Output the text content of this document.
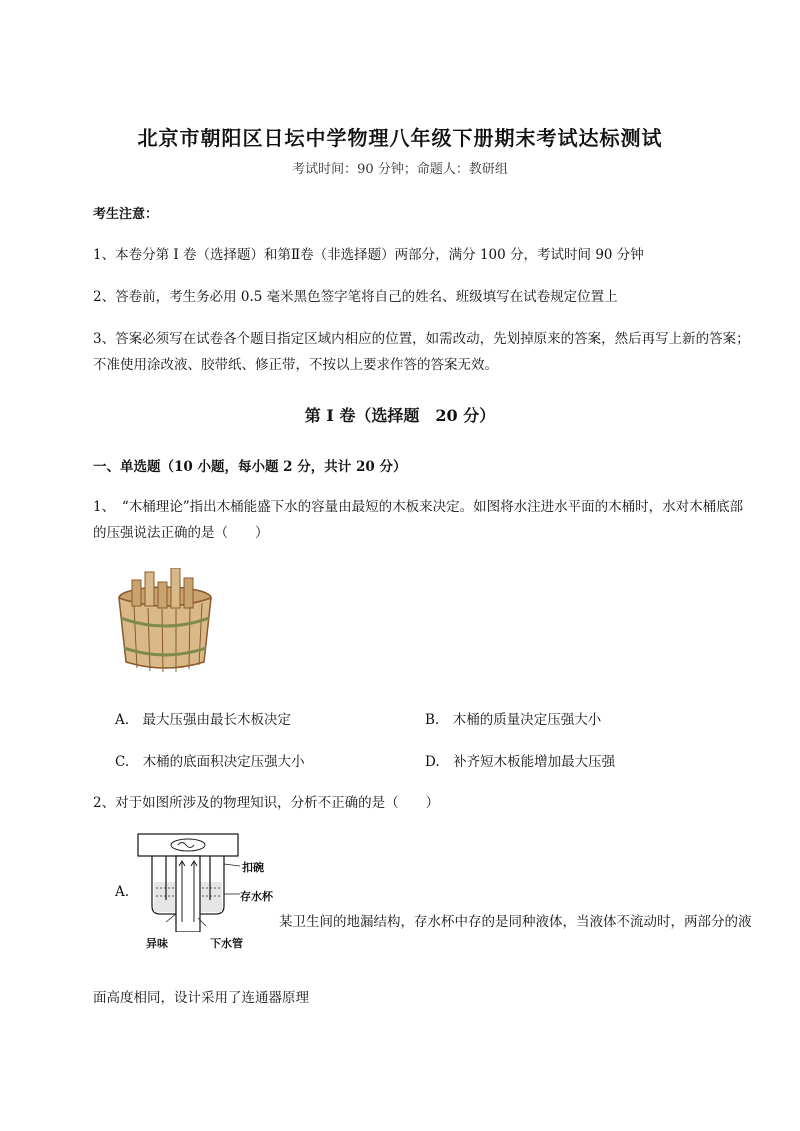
北京市朝阳区日坛中学物理八年级下册期末考试达标测试
考试时间：90 分钟；命题人：教研组
考生注意：
1、本卷分第 I 卷（选择题）和第Ⅱ卷（非选择题）两部分，满分 100 分，考试时间 90 分钟
2、答卷前，考生务必用 0.5 毫米黑色签字笔将自己的姓名、班级填写在试卷规定位置上
3、答案必须写在试卷各个题目指定区域内相应的位置，如需改动，先划掉原来的答案，然后再写上新的答案；不准使用涂改液、胶带纸、修正带，不按以上要求作答的答案无效。
第 I 卷（选择题　20 分）
一、单选题（10 小题，每小题 2 分，共计 20 分）
1、　“木桶理论”指出木桶能盛下水的容量由最短的木板来决定。如图将水注进水平面的木桶时，水对木桶底部的压强说法正确的是（　　）
A.　最大压强由最长木板决定	B.　木桶的质量决定压强大小
C.　木桶的底面积决定压强大小	D.　补齐短木板能增加最大压强
2、对于如图所涉及的物理知识，分析不正确的是（　　）
A.
扣碗
存水杯
异味	下水管
某卫生间的地漏结构，存水杯中存的是同种液体，当液体不流动时，两部分的液面高度相同，设计采用了连通器原理
